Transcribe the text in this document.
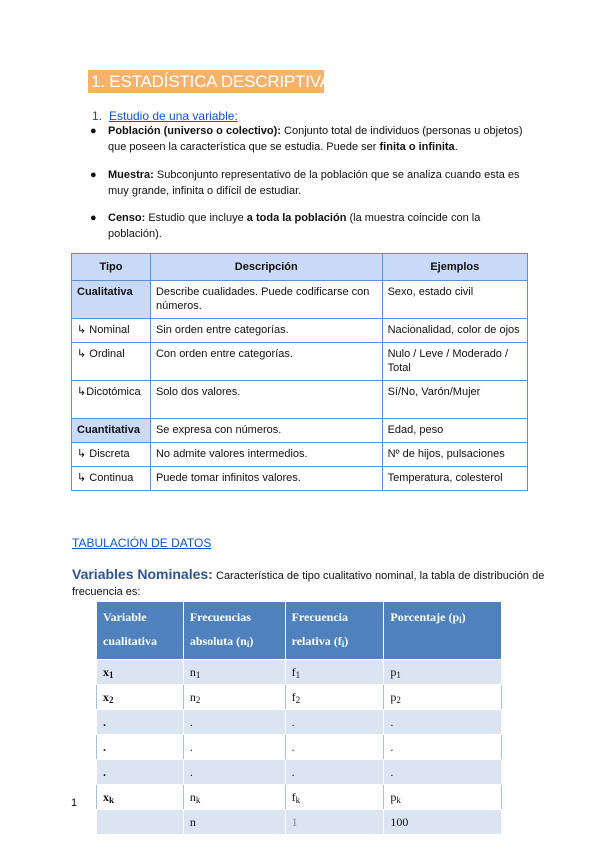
1. ESTADÍSTICA DESCRIPTIVA
1. Estudio de una variable:
● Población (universo o colectivo): Conjunto total de individuos (personas u objetos) que poseen la característica que se estudia. Puede ser finita o infinita.
● Muestra: Subconjunto representativo de la población que se analiza cuando esta es muy grande, infinita o difícil de estudiar.
● Censo: Estudio que incluye a toda la población (la muestra coincide con la población).
Tipo	Descripción	Ejemplos
Cualitativa	Describe cualidades. Puede codificarse con números.	Sexo, estado civil
↳ Nominal	Sin orden entre categorías.	Nacionalidad, color de ojos
↳ Ordinal	Con orden entre categorías.	Nulo / Leve / Moderado / Total
↳Dicotómica	Solo dos valores.	Sí/No, Varón/Mujer
Cuantitativa	Se expresa con números.	Edad, peso
↳ Discreta	No admite valores intermedios.	Nº de hijos, pulsaciones
↳ Continua	Puede tomar infinitos valores.	Temperatura, colesterol
TABULACIÓN DE DATOS
Característica de tipo cualitativo nominal, la tabla de distribución de frecuencia es:
Variables Nominales:
Variable cualitativa	Frecuencias absoluta $(n_i)$	Frecuencia relativa $(f_i)$	Porcentaje $(p_i)$
$x_1$	$n_1$	$f_1$	$p_1$
$x_2$	$n_2$	$f_2$	$p_2$
.	.	.	.
.	.	.	.
.	.	.	.
$x_k$	$n_k$	$f_k$	$p_k$
	n	1	100
1
